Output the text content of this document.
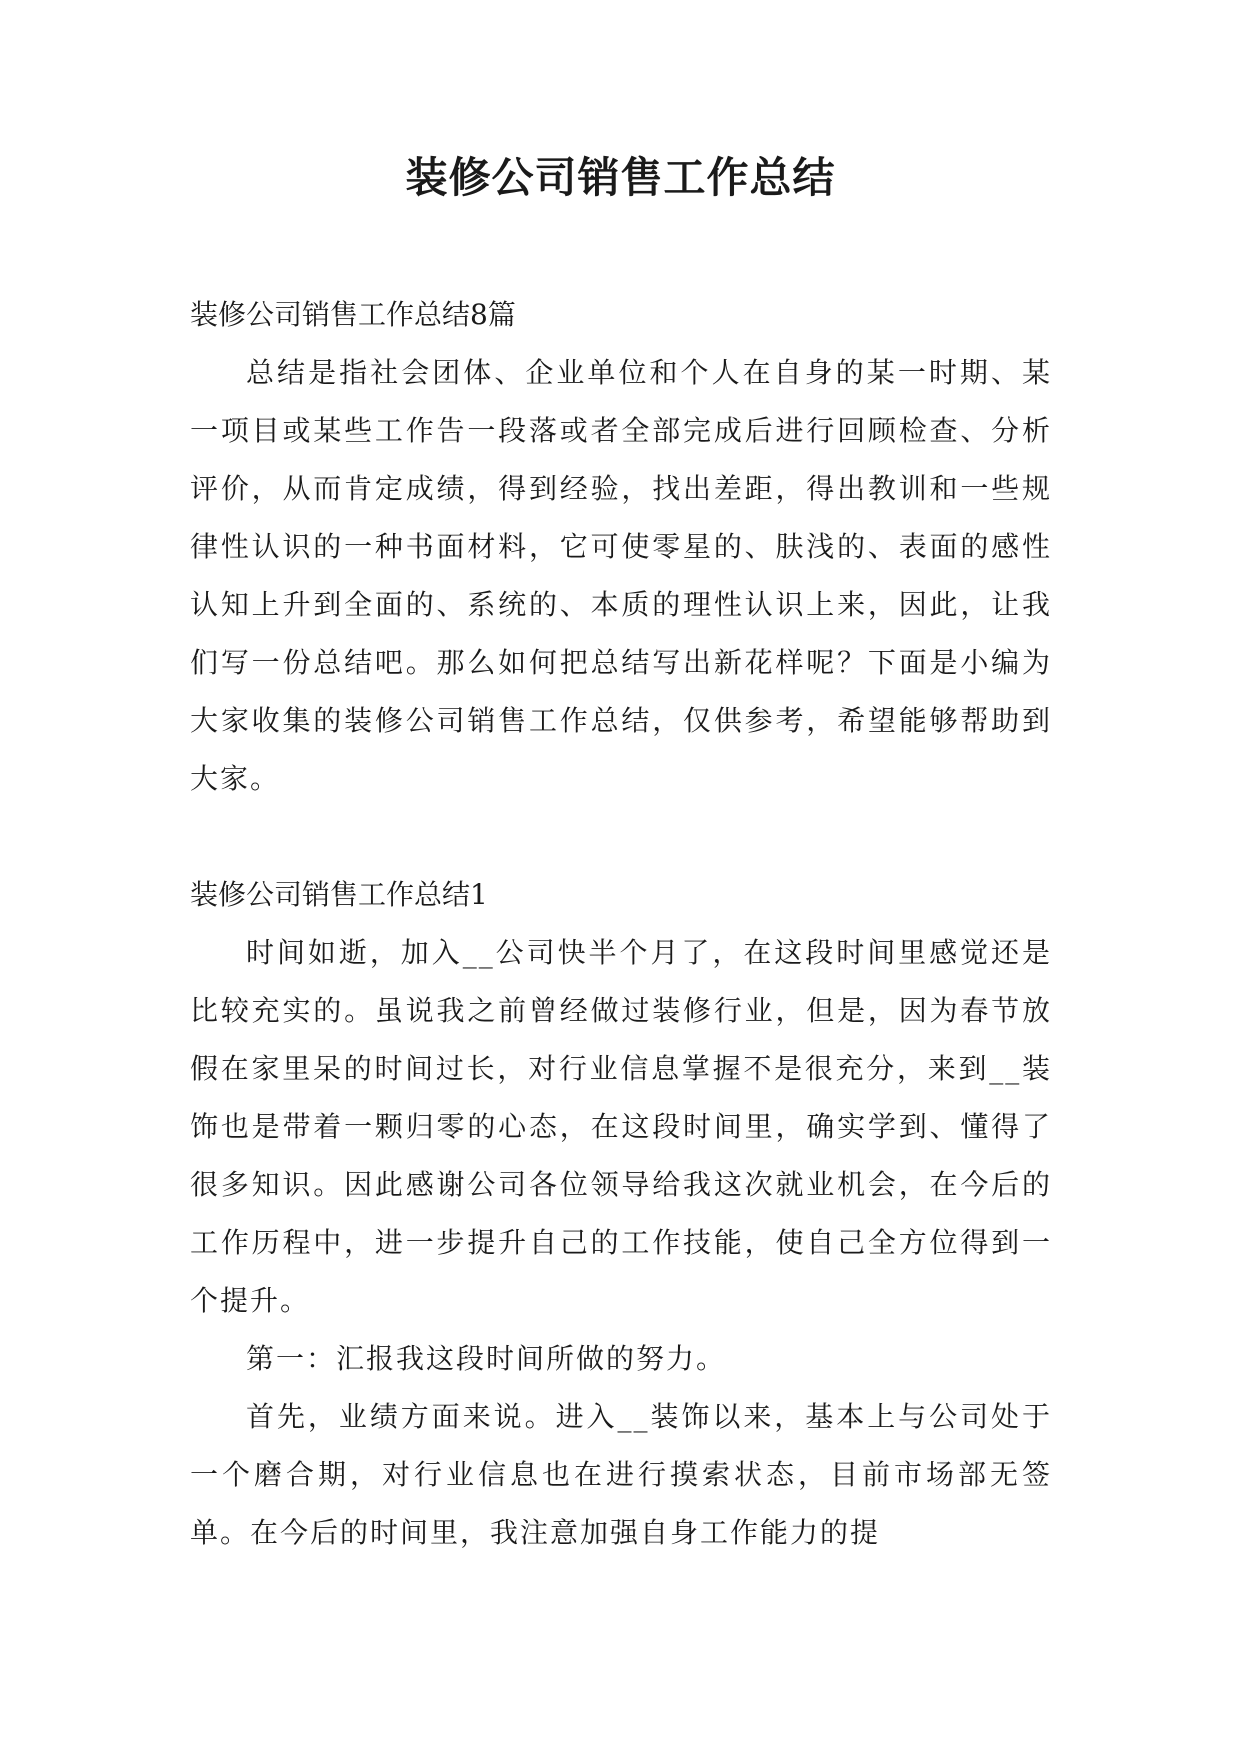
装修公司销售工作总结

装修公司销售工作总结8篇

总结是指社会团体、企业单位和个人在自身的某一时期、某一项目或某些工作告一段落或者全部完成后进行回顾检查、分析评价，从而肯定成绩，得到经验，找出差距，得出教训和一些规律性认识的一种书面材料，它可使零星的、肤浅的、表面的感性认知上升到全面的、系统的、本质的理性认识上来，因此，让我们写一份总结吧。那么如何把总结写出新花样呢？下面是小编为大家收集的装修公司销售工作总结，仅供参考，希望能够帮助到大家。

装修公司销售工作总结1

时间如逝，加入__公司快半个月了，在这段时间里感觉还是比较充实的。虽说我之前曾经做过装修行业，但是，因为春节放假在家里呆的时间过长，对行业信息掌握不是很充分，来到__装饰也是带着一颗归零的心态，在这段时间里，确实学到、懂得了很多知识。因此感谢公司各位领导给我这次就业机会，在今后的工作历程中，进一步提升自己的工作技能，使自己全方位得到一个提升。

第一：汇报我这段时间所做的努力。

首先，业绩方面来说。进入__装饰以来，基本上与公司处于一个磨合期，对行业信息也在进行摸索状态，目前市场部无签单。在今后的时间里，我注意加强自身工作能力的提
